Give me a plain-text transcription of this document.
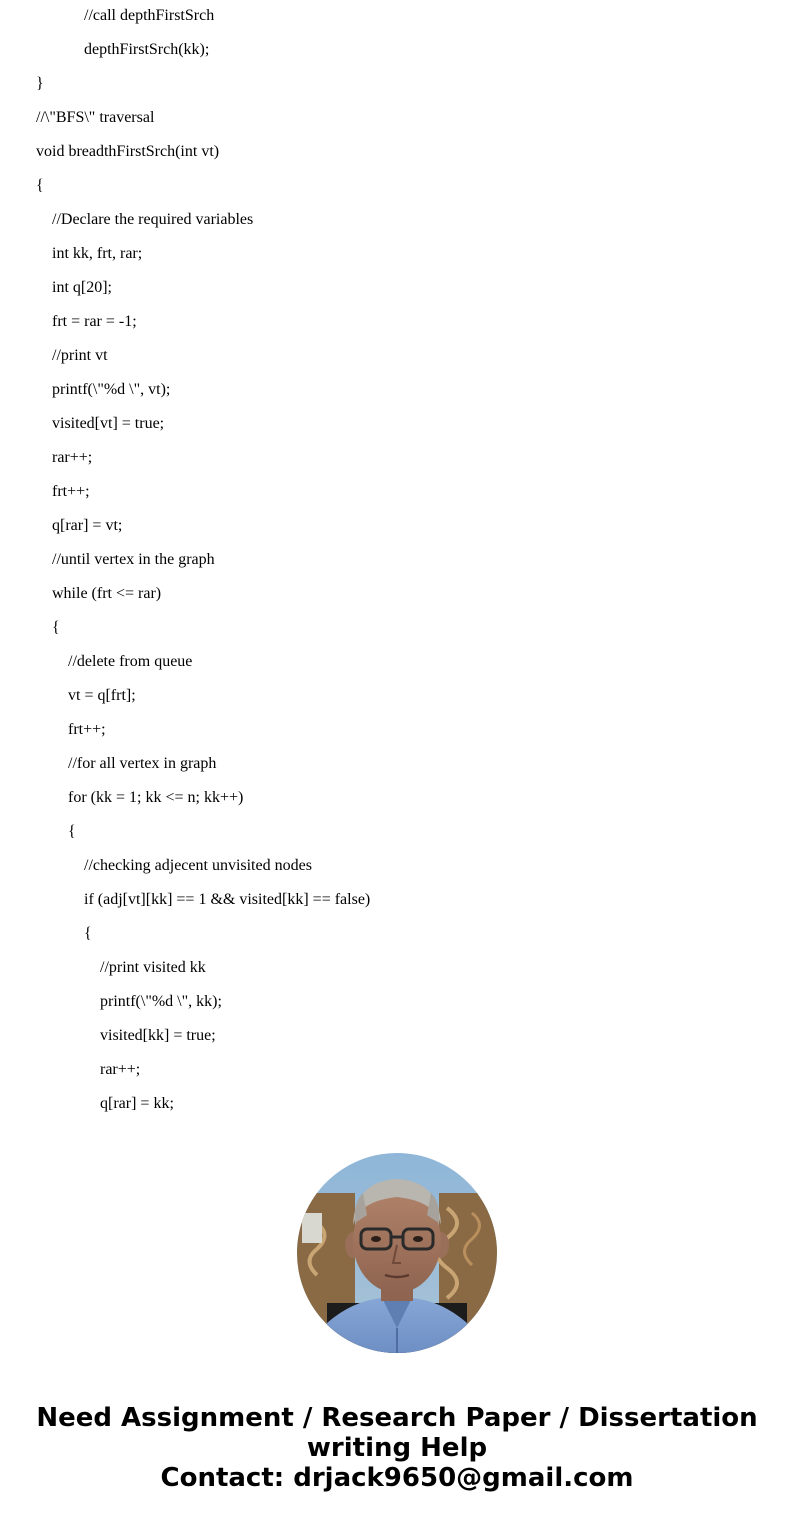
//call depthFirstSrch
depthFirstSrch(kk);
}
//\"BFS\" traversal
void breadthFirstSrch(int vt)
{
//Declare the required variables
int kk, frt, rar;
int q[20];
frt = rar = -1;
//print vt
printf(\"%d \", vt);
visited[vt] = true;
rar++;
frt++;
q[rar] = vt;
//until vertex in the graph
while (frt <= rar)
{
//delete from queue
vt = q[frt];
frt++;
//for all vertex in graph
for (kk = 1; kk <= n; kk++)
{
//checking adjecent unvisited nodes
if (adj[vt][kk] == 1 && visited[kk] == false)
{
//print visited kk
printf(\"%d \", kk);
visited[kk] = true;
rar++;
q[rar] = kk;
Need Assignment / Research Paper / Dissertation
writing Help
Contact: drjack9650@gmail.com
